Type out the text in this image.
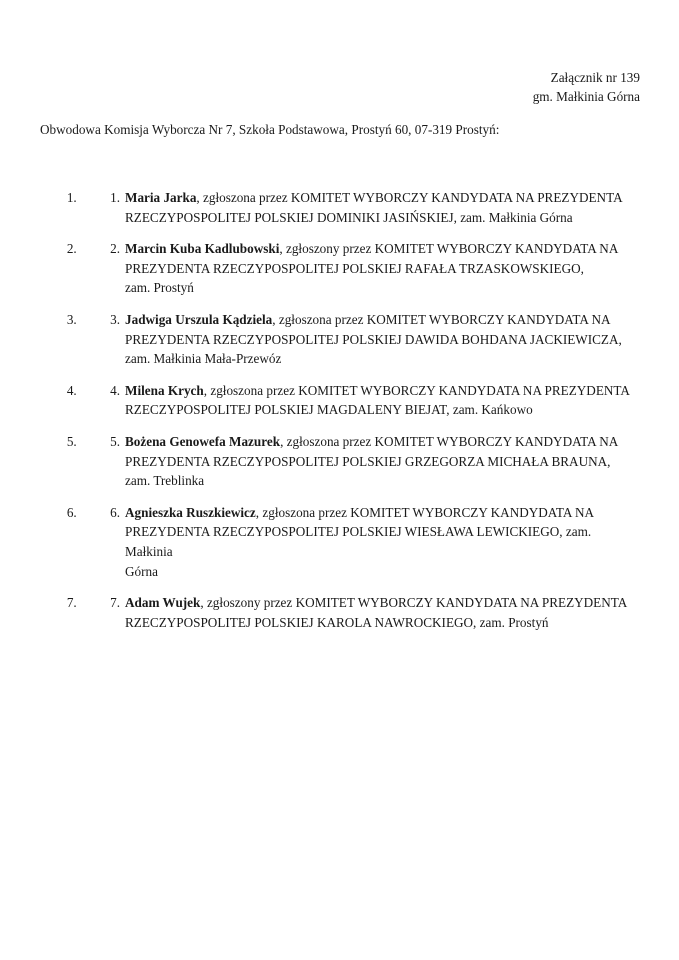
Załącznik nr 139
gm. Małkinia Górna
Obwodowa Komisja Wyborcza Nr 7, Szkoła Podstawowa, Prostyń 60, 07-319 Prostyń:
1. 1. Maria Jarka, zgłoszona przez KOMITET WYBORCZY KANDYDATA NA PREZYDENTA
RZECZYPOSPOLITEJ POLSKIEJ DOMINIKI JASIŃSKIEJ, zam. Małkinia Górna
2. 2. Marcin Kuba Kadlubowski, zgłoszony przez KOMITET WYBORCZY KANDYDATA NA
PREZYDENTA RZECZYPOSPOLITEJ POLSKIEJ RAFAŁA TRZASKOWSKIEGO,
zam. Prostyń
3. 3. Jadwiga Urszula Kądziela, zgłoszona przez KOMITET WYBORCZY KANDYDATA NA
PREZYDENTA RZECZYPOSPOLITEJ POLSKIEJ DAWIDA BOHDANA JACKIEWICZA,
zam. Małkinia Mała-Przewóz
4. 4. Milena Krych, zgłoszona przez KOMITET WYBORCZY KANDYDATA NA PREZYDENTA
RZECZYPOSPOLITEJ POLSKIEJ MAGDALENY BIEJAT, zam. Kańkowo
5. 5. Bożena Genowefa Mazurek, zgłoszona przez KOMITET WYBORCZY KANDYDATA NA
PREZYDENTA RZECZYPOSPOLITEJ POLSKIEJ GRZEGORZA MICHAŁA BRAUNA,
zam. Treblinka
6. 6. Agnieszka Ruszkiewicz, zgłoszona przez KOMITET WYBORCZY KANDYDATA NA
PREZYDENTA RZECZYPOSPOLITEJ POLSKIEJ WIESŁAWA LEWICKIEGO, zam. Małkinia
Górna
7. 7. Adam Wujek, zgłoszony przez KOMITET WYBORCZY KANDYDATA NA PREZYDENTA
RZECZYPOSPOLITEJ POLSKIEJ KAROLA NAWROCKIEGO, zam. Prostyń
